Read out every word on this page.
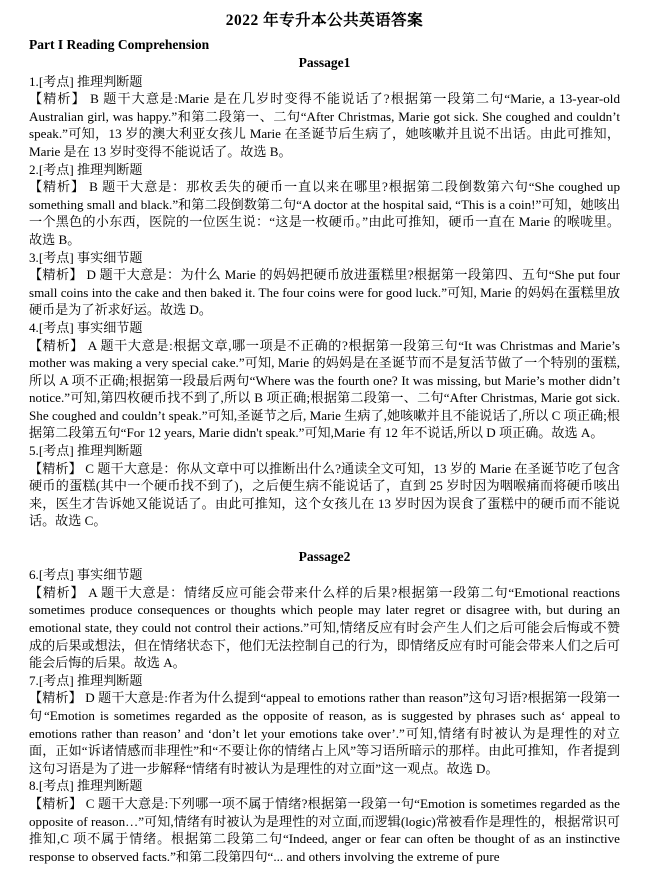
2022 年专升本公共英语答案
Part I Reading Comprehension
Passage1

1.[考点] 推理判断题

【精析】 B 题干大意是:Marie 是在几岁时变得不能说话了?根据第一段第二句“Marie, a 13-year-old Australian girl, was happy.”和第二段第一、二句“After Christmas, Marie got sick. She coughed and couldn’t speak.”可知，13 岁的澳大利亚女孩儿 Marie 在圣诞节后生病了，她咳嗽并且说不出话。由此可推知， Marie 是在 13 岁时变得不能说话了。故选 B。

2.[考点] 推理判断题

【精析】 B 题干大意是：那枚丢失的硬币一直以来在哪里?根据第二段倒数第六句“She coughed up something small and black.”和第二段倒数第二句“A doctor at the hospital said, “This is a coin!”可知，她咳出一个黑色的小东西，医院的一位医生说：“这是一枚硬币。”由此可推知，硬币一直在 Marie 的喉咙里。故选 B。

3.[考点] 事实细节题

【精析】 D 题干大意是：为什么 Marie 的妈妈把硬币放进蛋糕里?根据第一段第四、五句“She put four small coins into the cake and then baked it. The four coins were for good luck.”可知, Marie 的妈妈在蛋糕里放硬币是为了祈求好运。故选 D。

4.[考点] 事实细节题

【精析】 A 题干大意是:根据文章,哪一项是不正确的?根据第一段第三句“It was Christmas and Marie’s mother was making a very special cake.”可知, Marie 的妈妈是在圣诞节而不是复活节做了一个特别的蛋糕,所以 A 项不正确;根据第一段最后两句“Where was the fourth one? It was missing, but Marie’s mother didn’t notice.”可知,第四枚硬币找不到了,所以 B 项正确;根据第二段第一、二句“After Christmas, Marie got sick. She coughed and couldn’t speak.”可知,圣诞节之后, Marie 生病了,她咳嗽并且不能说话了,所以 C 项正确;根据第二段第五句“For 12 years, Marie didn't speak.”可知,Marie 有 12 年不说话,所以 D 项正确。故选 A。

5.[考点] 推理判断题

【精析】 C 题干大意是：你从文章中可以推断出什么?通读全文可知，13 岁的 Marie 在圣诞节吃了包含硬币的蛋糕(其中一个硬币找不到了)，之后便生病不能说话了，直到 25 岁时因为咽喉痛而将硬币咳出来，医生才告诉她又能说话了。由此可推知，这个女孩儿在 13 岁时因为误食了蛋糕中的硬币而不能说话。故选 C。

Passage2

6.[考点] 事实细节题

【精析】 A 题干大意是：情绪反应可能会带来什么样的后果?根据第一段第二句“Emotional reactions sometimes produce consequences or thoughts which people may later regret or disagree with, but during an emotional state, they could not control their actions.”可知,情绪反应有时会产生人们之后可能会后悔或不赞成的后果或想法，但在情绪状态下，他们无法控制自己的行为，即情绪反应有时可能会带来人们之后可能会后悔的后果。故选 A。

7.[考点] 推理判断题

【精析】 D 题干大意是:作者为什么提到“appeal to emotions rather than reason”这句习语?根据第一段第一句“Emotion is sometimes regarded as the opposite of reason, as is suggested by phrases such as‘ appeal to emotions rather than reason’ and ‘don’t let your emotions take over’.”可知,情绪有时被认为是理性的对立面，正如“诉诸情感而非理性”和“不要让你的情绪占上风”等习语所暗示的那样。由此可推知，作者提到这句习语是为了进一步解释“情绪有时被认为是理性的对立面”这一观点。故选 D。

8.[考点] 推理判断题

【精析】 C 题干大意是:下列哪一项不属于情绪?根据第一段第一句“Emotion is sometimes regarded as the opposite of reason…”可知,情绪有时被认为是理性的对立面,而逻辑(logic)常被看作是理性的，根据常识可推知,C 项不属于情绪。根据第二段第二句“Indeed, anger or fear can often be thought of as an instinctive response to observed facts.”和第二段第四句“... and others involving the extreme of pure
